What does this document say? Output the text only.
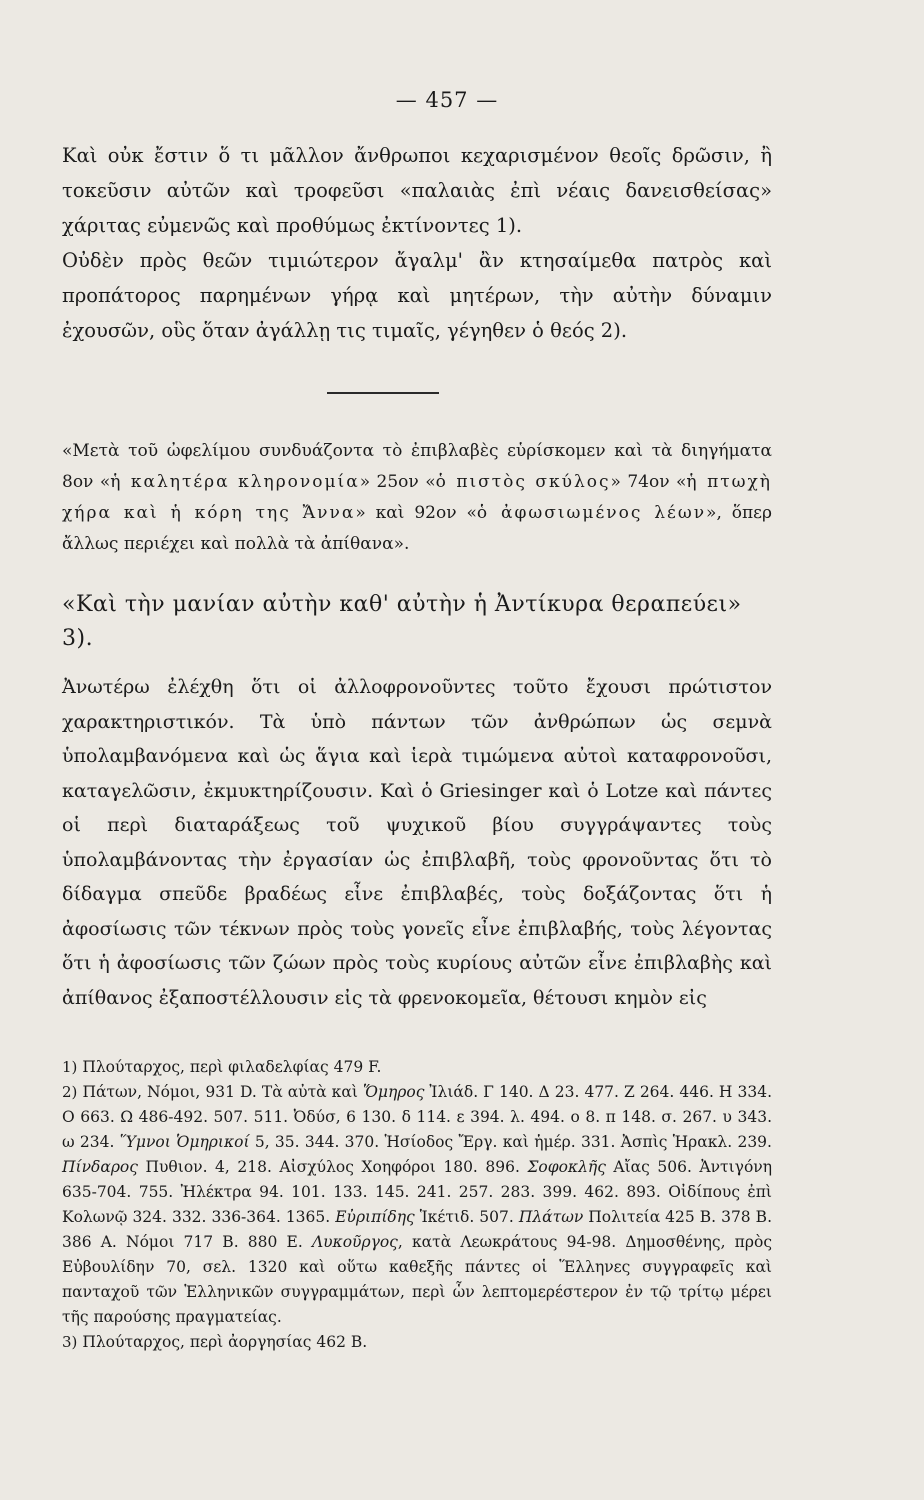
— 457 —

Καὶ οὐκ ἔστιν ὅ τι μᾶλλον ἄνθρωποι κεχαρισμένον θεοῖς δρῶσιν, ἢ τοκεῦσιν αὐτῶν καὶ τροφεῦσι «παλαιὰς ἐπὶ νέαις δανεισθείσας» χάριτας εὐμενῶς καὶ προθύμως ἐκτίνοντες 1).

Οὐδὲν πρὸς θεῶν τιμιώτερον ἄγαλμ' ἂν κτησαίμεθα πατρὸς καὶ προπάτορος παρημένων γήρᾳ καὶ μητέρων, τὴν αὐτὴν δύναμιν ἐχουσῶν, οὓς ὅταν ἀγάλλῃ τις τιμαῖς, γέγηθεν ὁ θεός 2).

«Μετὰ τοῦ ὠφελίμου συνδυάζοντα τὸ ἐπιβλαβὲς εὑρίσκομεν καὶ τὰ διηγήματα 8ον «ἡ καλητέρα κληρονομία» 25ον «ὁ πιστὸς σκύλος» 74ον «ἡ πτωχὴ χήρα καὶ ἡ κόρη της Ἄννα» καὶ 92ον «ὁ ἀφωσιωμένος λέων», ὅπερ ἄλλως περιέχει καὶ πολλὰ τὰ ἀπίθανα».

«Καὶ τὴν μανίαν αὐτὴν καθ' αὐτὴν ἡ Ἀντίκυρα θεραπεύει» 3).

Ἀνωτέρω ἐλέχθη ὅτι οἱ ἀλλοφρονοῦντες τοῦτο ἔχουσι πρώτιστον χαρακτηριστικόν. Τὰ ὑπὸ πάντων τῶν ἀνθρώπων ὡς σεμνὰ ὑπολαμβανόμενα καὶ ὡς ἅγια καὶ ἱερὰ τιμώμενα αὐτοὶ καταφρονοῦσι, καταγελῶσιν, ἐκμυκτηρίζουσιν. Καὶ ὁ Griesinger καὶ ὁ Lotze καὶ πάντες οἱ περὶ διαταράξεως τοῦ ψυχικοῦ βίου συγγράψαντες τοὺς ὑπολαμβάνοντας τὴν ἐργασίαν ὡς ἐπιβλαβῆ, τοὺς φρονοῦντας ὅτι τὸ δίδαγμα σπεῦδε βραδέως εἶνε ἐπιβλαβές, τοὺς δοξάζοντας ὅτι ἡ ἀφοσίωσις τῶν τέκνων πρὸς τοὺς γονεῖς εἶνε ἐπιβλαβής, τοὺς λέγοντας ὅτι ἡ ἀφοσίωσις τῶν ζώων πρὸς τοὺς κυρίους αὐτῶν εἶνε ἐπιβλαβὴς καὶ ἀπίθανος ἐξαποστέλλουσιν εἰς τὰ φρενοκομεῖα, θέτουσι κημὸν εἰς

1) Πλούταρχος, περὶ φιλαδελφίας 479 F.

2) Πάτων, Νόμοι, 931 D. Τὰ αὐτὰ καὶ Ὅμηρος Ἰλιάδ. Γ 140. Δ 23. 477. Ζ 264. 446. Η 334. Ο 663. Ω 486-492. 507. 511. Ὀδύσ, 6 130. δ 114. ε 394. λ. 494. ο 8. π 148. σ. 267. υ 343. ω 234. Ὕμνοι Ὁμηρικοί 5, 35. 344. 370. Ἡσίοδος Ἔργ. καὶ ἡμέρ. 331. Ἀσπὶς Ἡρακλ. 239. Πίνδαρος Πυθιον. 4, 218. Αἰσχύλος Χοηφόροι 180. 896. Σοφοκλῆς Αἴας 506. Ἀντιγόνη 635-704. 755. Ἠλέκτρα 94. 101. 133. 145. 241. 257. 283. 399. 462. 893. Οἰδίπους ἐπὶ Κολωνῷ 324. 332. 336-364. 1365. Εὐριπίδης Ἱκέτιδ. 507. Πλάτων Πολιτεία 425 B. 378 B. 386 A. Νόμοι 717 B. 880 E. Λυκοῦργος, κατὰ Λεωκράτους 94-98. Δημοσθένης, πρὸς Εὐβουλίδην 70, σελ. 1320 καὶ οὕτω καθεξῆς πάντες οἱ Ἕλληνες συγγραφεῖς καὶ πανταχοῦ τῶν Ἑλληνικῶν συγγραμμάτων, περὶ ὧν λεπτομερέστερον ἐν τῷ τρίτῳ μέρει τῆς παρούσης πραγματείας.

3) Πλούταρχος, περὶ ἀοργησίας 462 B.
